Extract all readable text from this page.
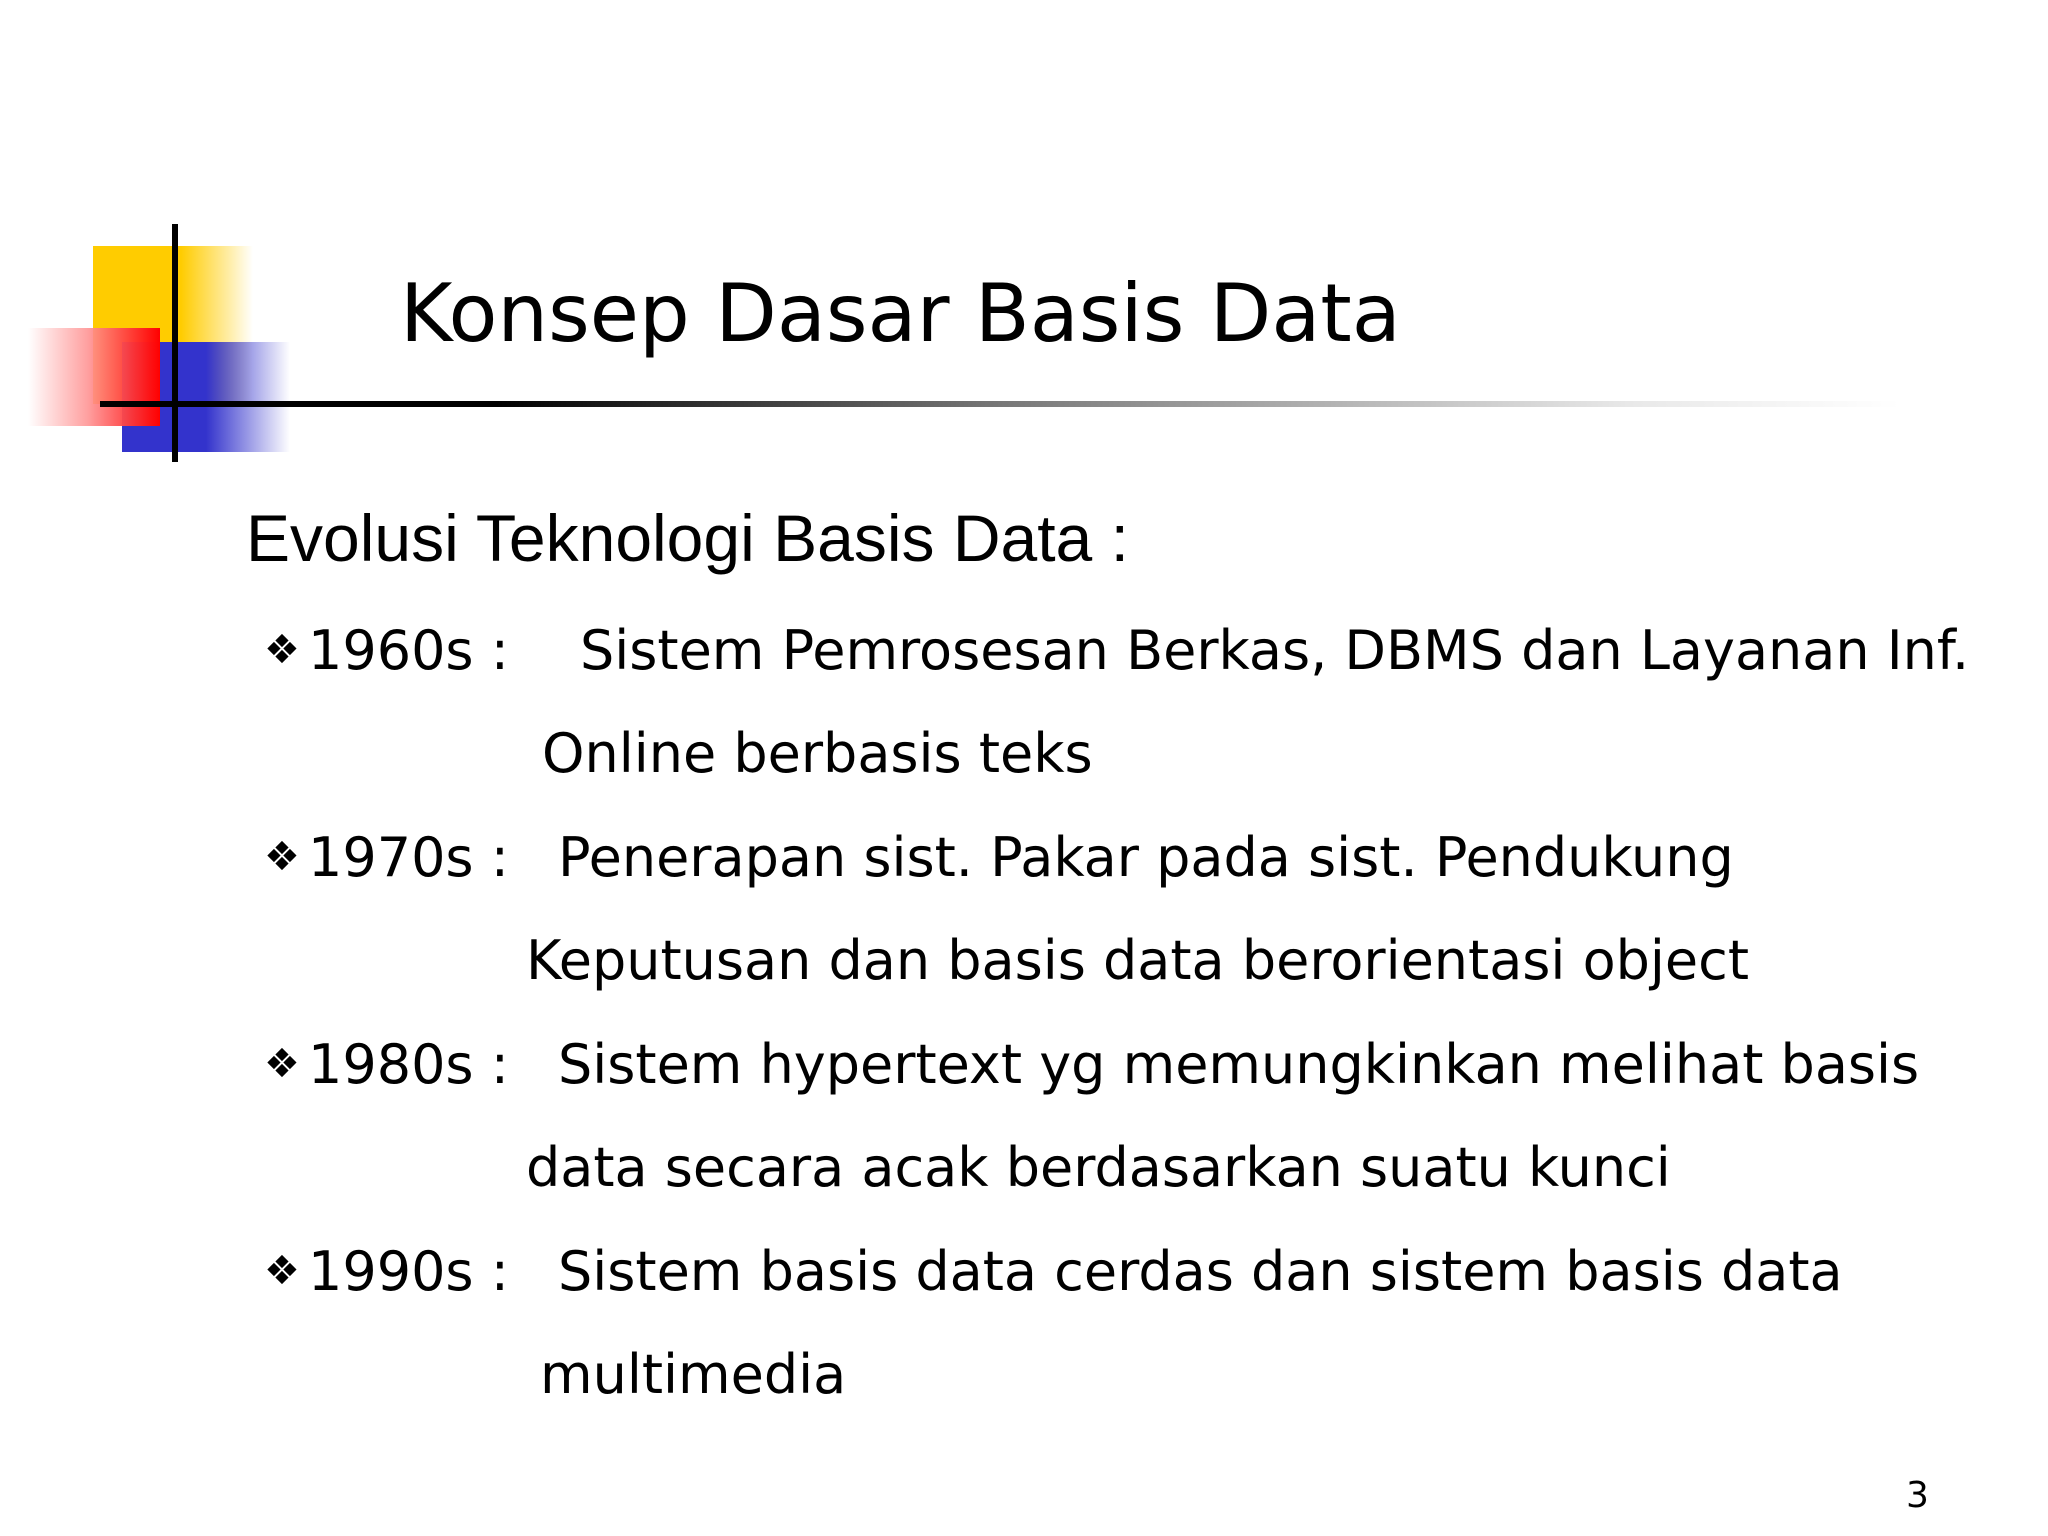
Konsep Dasar Basis Data
Evolusi Teknologi Basis Data :
❖ 1960s : Sistem Pemrosesan Berkas, DBMS dan Layanan Inf.
Online berbasis teks
❖ 1970s : Penerapan sist. Pakar pada sist. Pendukung
Keputusan dan basis data berorientasi object
❖ 1980s : Sistem hypertext yg memungkinkan melihat basis
data secara acak berdasarkan suatu kunci
❖ 1990s : Sistem basis data cerdas dan sistem basis data
multimedia
3
